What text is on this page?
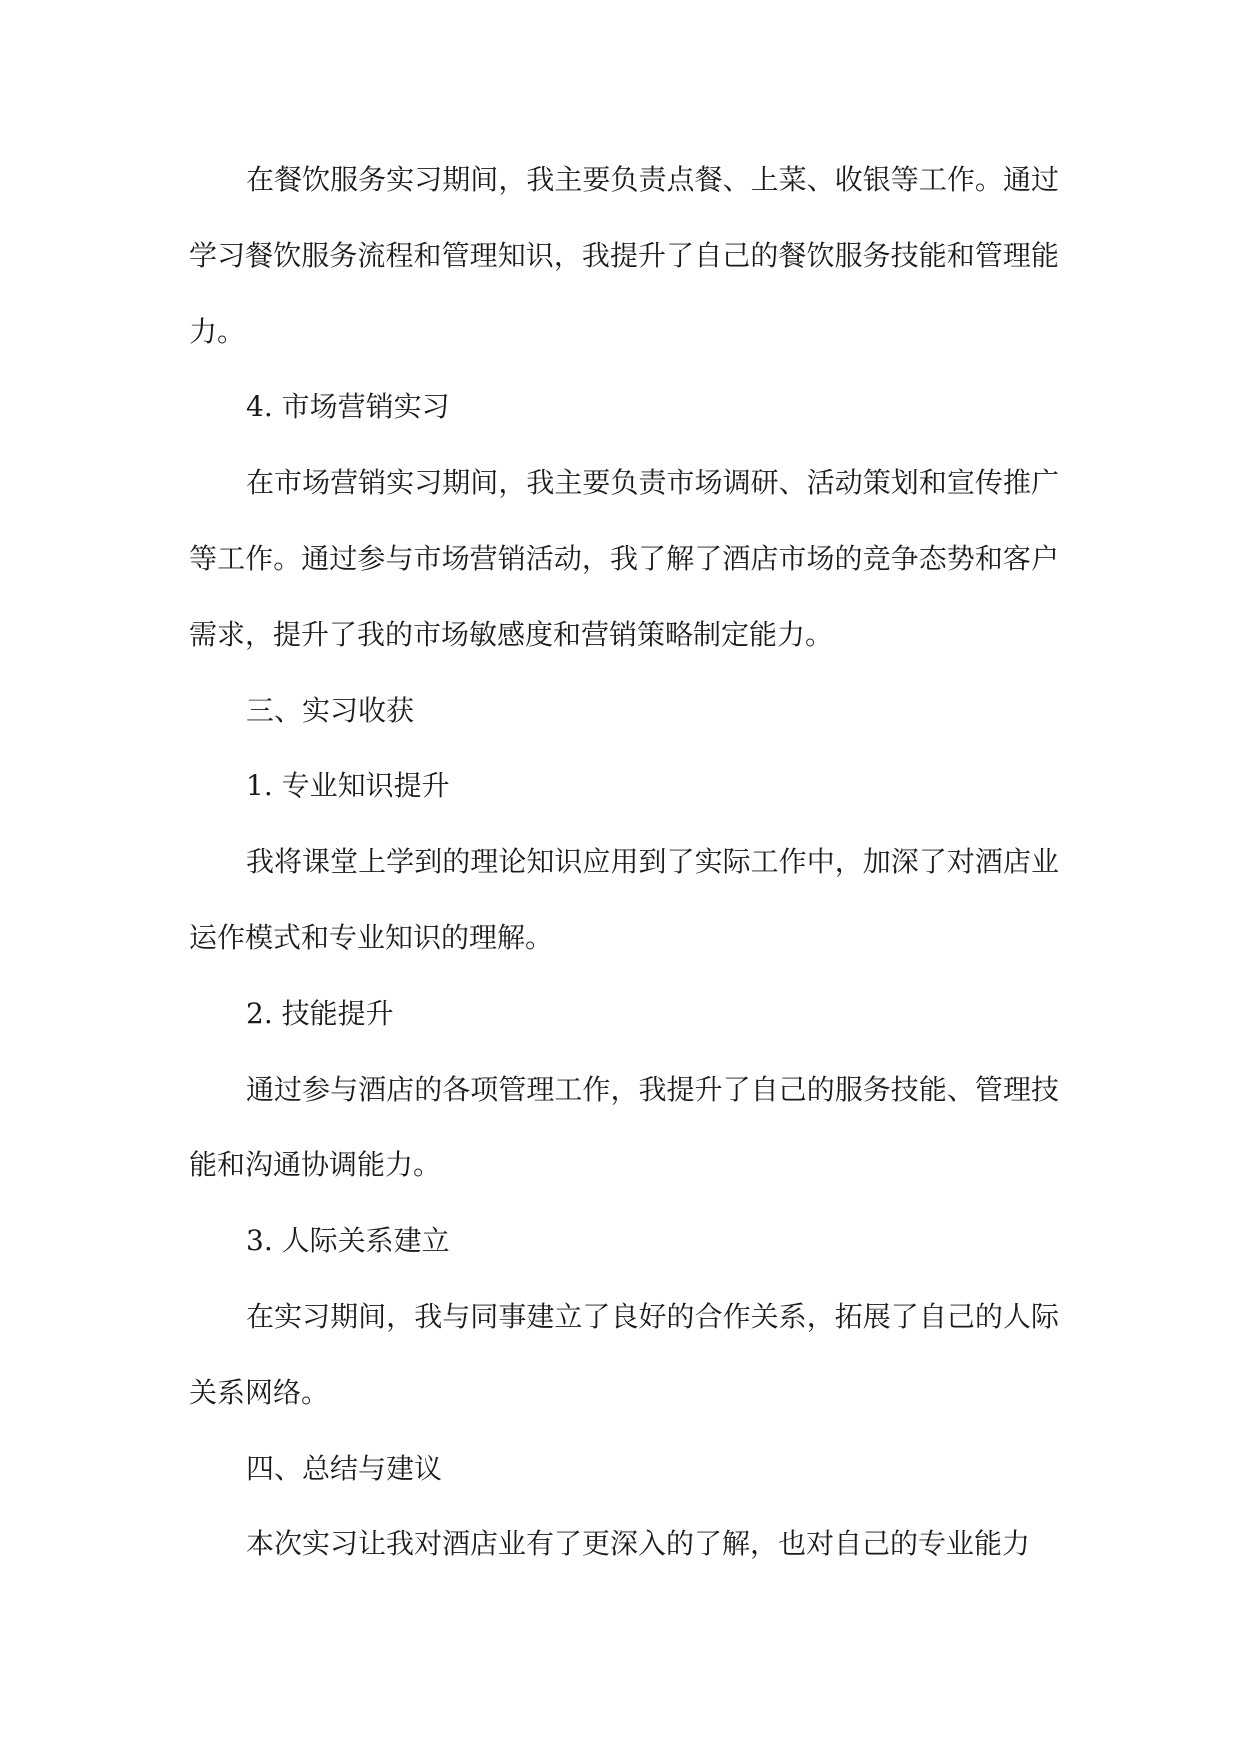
在餐饮服务实习期间，我主要负责点餐、上菜、收银等工作。通过学习餐饮服务流程和管理知识，我提升了自己的餐饮服务技能和管理能力。

4. 市场营销实习

在市场营销实习期间，我主要负责市场调研、活动策划和宣传推广等工作。通过参与市场营销活动，我了解了酒店市场的竞争态势和客户需求，提升了我的市场敏感度和营销策略制定能力。

三、实习收获

1. 专业知识提升

我将课堂上学到的理论知识应用到了实际工作中，加深了对酒店业运作模式和专业知识的理解。

2. 技能提升

通过参与酒店的各项管理工作，我提升了自己的服务技能、管理技能和沟通协调能力。

3. 人际关系建立

在实习期间，我与同事建立了良好的合作关系，拓展了自己的人际关系网络。

四、总结与建议

本次实习让我对酒店业有了更深入的了解，也对自己的专业能力
